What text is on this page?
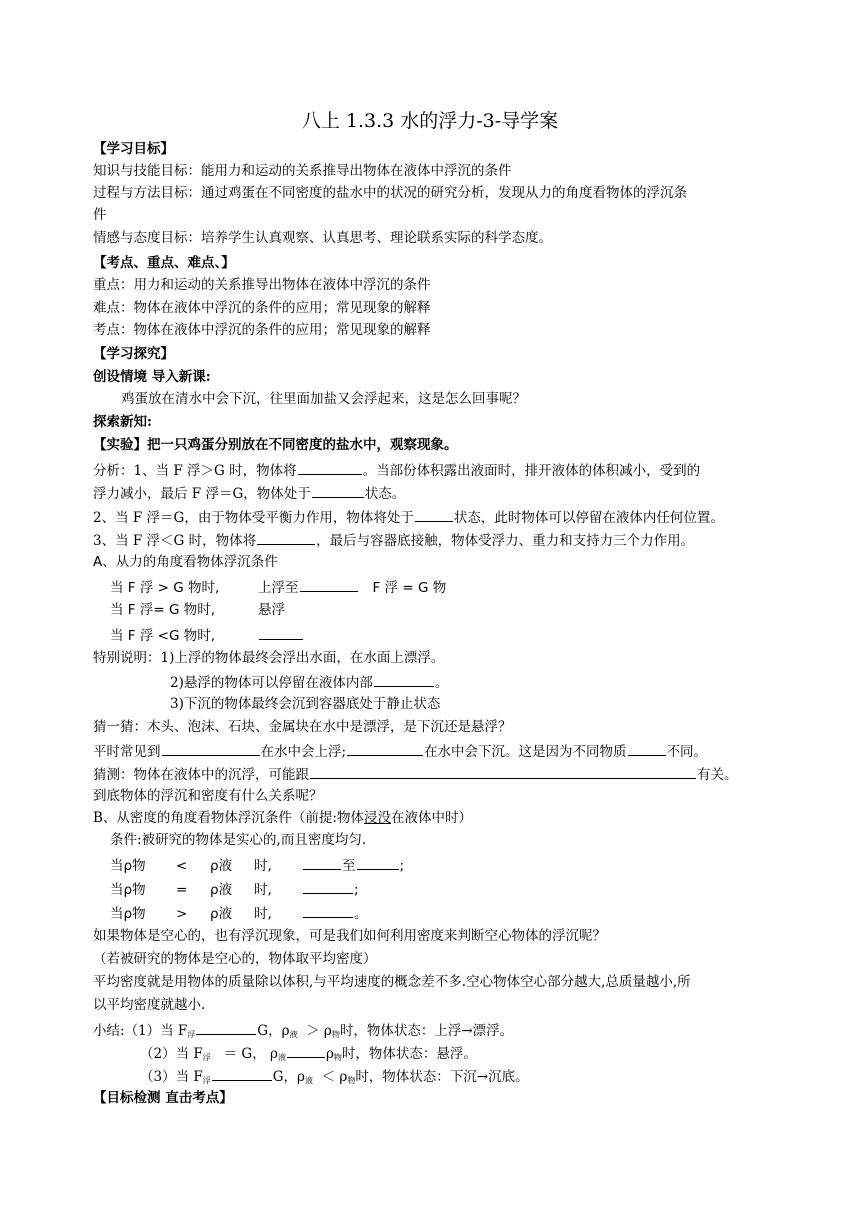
八上 1.3.3 水的浮力-3-导学案
【学习目标】
知识与技能目标：能用力和运动的关系推导出物体在液体中浮沉的条件
过程与方法目标：通过鸡蛋在不同密度的盐水中的状况的研究分析，发现从力的角度看物体的浮沉条
件
情感与态度目标：培养学生认真观察、认真思考、理论联系实际的科学态度。
【考点、重点、难点、】
重点：用力和运动的关系推导出物体在液体中浮沉的条件
难点：物体在液体中浮沉的条件的应用；常见现象的解释
考点：物体在液体中浮沉的条件的应用；常见现象的解释
【学习探究】
创设情境 导入新课:
鸡蛋放在清水中会下沉，往里面加盐又会浮起来，这是怎么回事呢？
探索新知:
【实验】把一只鸡蛋分别放在不同密度的盐水中，观察现象。
分析：1、当 F 浮＞G 时，物体将	。当部份体积露出液面时，排开液体的体积减小，受到的
浮力减小，最后 F 浮＝G，物体处于	状态。
2、当 F 浮＝G，由于物体受平衡力作用，物体将处于	状态，此时物体可以停留在液体内任何位置。
3、当 F 浮＜G 时，物体将	，最后与容器底接触，物体受浮力、重力和支持力三个力作用。
A、从力的角度看物体浮沉条件
当 F 浮 > G 物时,	上浮至	F 浮 = G 物
当 F 浮= G 物时,	悬浮
当 F 浮 <G 物时,
特别说明：1)上浮的物体最终会浮出水面，在水面上漂浮。
2)悬浮的物体可以停留在液体内部	。
3)下沉的物体最终会沉到容器底处于静止状态
猜一猜：木头、泡沫、石块、金属块在水中是漂浮，是下沉还是悬浮？
平时常见到	在水中会上浮;	在水中会下沉。这是因为不同物质	不同。
猜测：物体在液体中的沉浮，可能跟	有关。
到底物体的浮沉和密度有什么关系呢？
B、从密度的角度看物体浮沉条件（前提:物体浸没在液体中时）
条件:被研究的物体是实心的,而且密度均匀.
当ρ物 < ρ液 时,	至	;
当ρ物 = ρ液 时,	;
当ρ物 > ρ液 时,	。
如果物体是空心的，也有浮沉现象，可是我们如何利用密度来判断空心物体的浮沉呢？
（若被研究的物体是空心的，物体取平均密度）
平均密度就是用物体的质量除以体积,与平均速度的概念差不多.空心物体空心部分越大,总质量越小,所
以平均密度就越小.
小结:（1）当 $F_浮$	G，$\rho_液 > \rho_物$时，物体状态：上浮→漂浮。
（2）当 $F_浮 = G$， $\rho_液$	$\rho_物$时，物体状态：悬浮。
（3）当 $F_浮$	G，$\rho_液 < \rho_物$时，物体状态：下沉→沉底。
【目标检测 直击考点】
